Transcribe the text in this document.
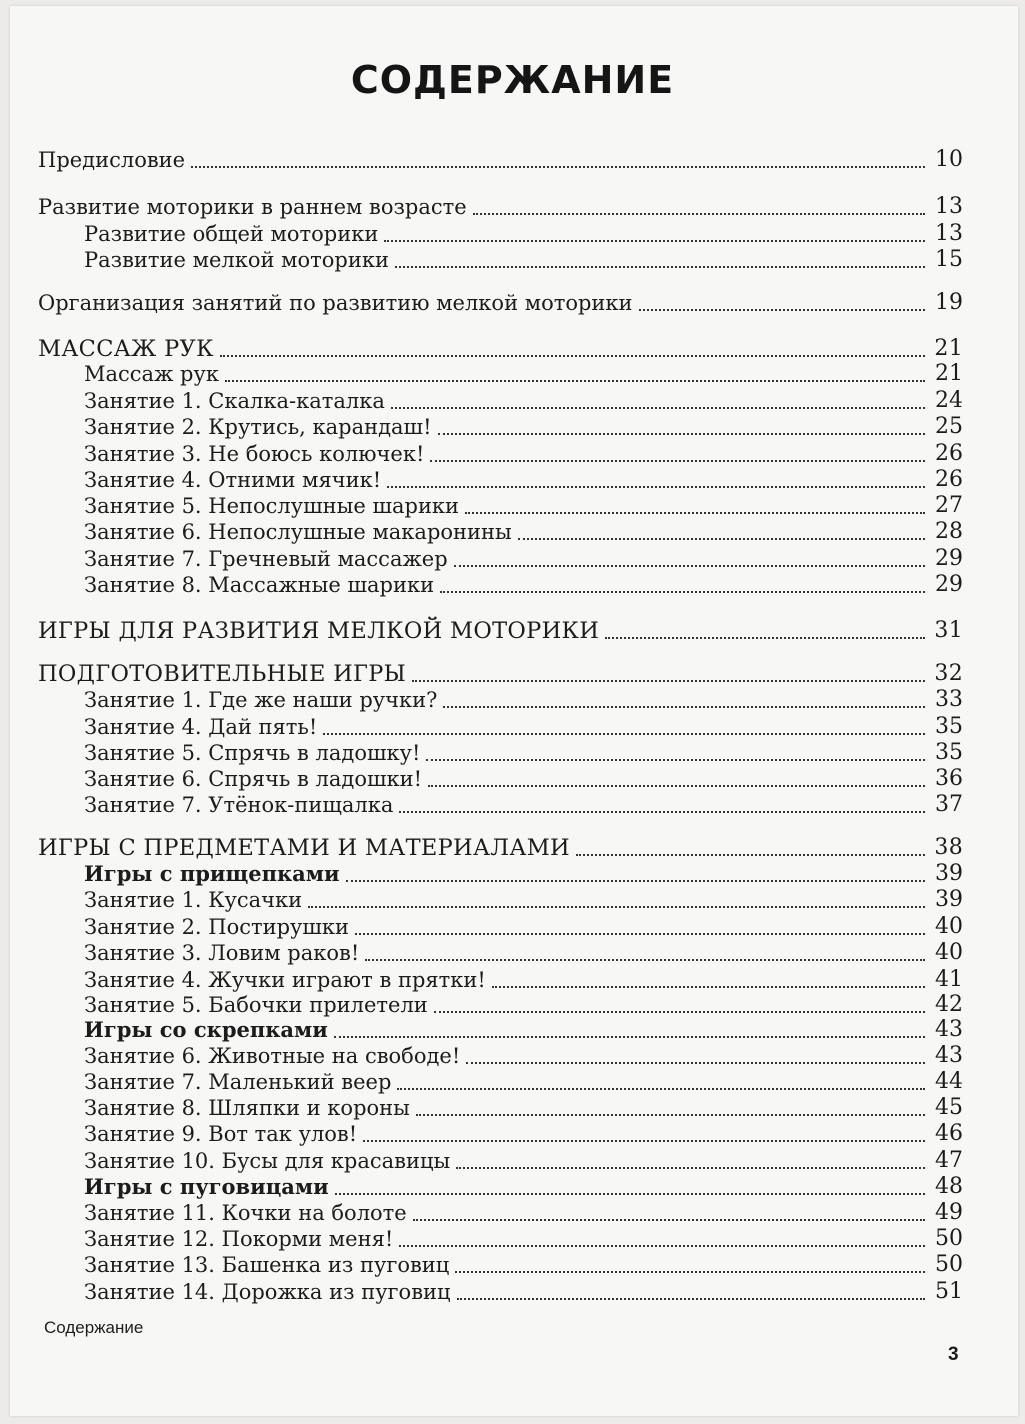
СОДЕРЖАНИЕ
Предисловие	10
Развитие моторики в раннем возрасте	13
Развитие общей моторики	13
Развитие мелкой моторики	15
Организация занятий по развитию мелкой моторики	19
МАССАЖ РУК	21
Массаж рук	21
Занятие 1. Скалка-каталка	24
Занятие 2. Крутись, карандаш!	25
Занятие 3. Не боюсь колючек!	26
Занятие 4. Отними мячик!	26
Занятие 5. Непослушные шарики	27
Занятие 6. Непослушные макаронины	28
Занятие 7. Гречневый массажер	29
Занятие 8. Массажные шарики	29
ИГРЫ ДЛЯ РАЗВИТИЯ МЕЛКОЙ МОТОРИКИ	31
ПОДГОТОВИТЕЛЬНЫЕ ИГРЫ	32
Занятие 1. Где же наши ручки?	33
Занятие 4. Дай пять!	35
Занятие 5. Спрячь в ладошку!	35
Занятие 6. Спрячь в ладошки!	36
Занятие 7. Утёнок-пищалка	37
ИГРЫ С ПРЕДМЕТАМИ И МАТЕРИАЛАМИ	38
Игры с прищепками	39
Занятие 1. Кусачки	39
Занятие 2. Постирушки	40
Занятие 3. Ловим раков!	40
Занятие 4. Жучки играют в прятки!	41
Занятие 5. Бабочки прилетели	42
Игры со скрепками	43
Занятие 6. Животные на свободе!	43
Занятие 7. Маленький веер	44
Занятие 8. Шляпки и короны	45
Занятие 9. Вот так улов!	46
Занятие 10. Бусы для красавицы	47
Игры с пуговицами	48
Занятие 11. Кочки на болоте	49
Занятие 12. Покорми меня!	50
Занятие 13. Башенка из пуговиц	50
Занятие 14. Дорожка из пуговиц	51
Содержание
3
